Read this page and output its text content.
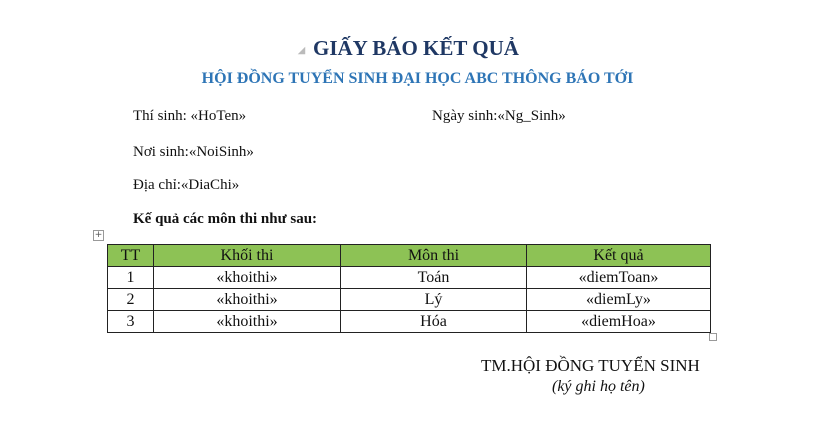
◢ GIẤY BÁO KẾT QUẢ
HỘI ĐỒNG TUYỂN SINH ĐẠI HỌC ABC THÔNG BÁO TỚI
Thí sinh: «HoTen»	Ngày sinh:«Ng_Sinh»
Nơi sinh:«NoiSinh»
Địa chỉ:«DiaChi»
Kế quả các môn thi như sau:
+
TT	Khối thi	Môn thi	Kết quả
1	«khoithi»	Toán	«diemToan»
2	«khoithi»	Lý	«diemLy»
3	«khoithi»	Hóa	«diemHoa»
TM.HỘI ĐỒNG TUYỂN SINH
(ký ghi họ tên)
